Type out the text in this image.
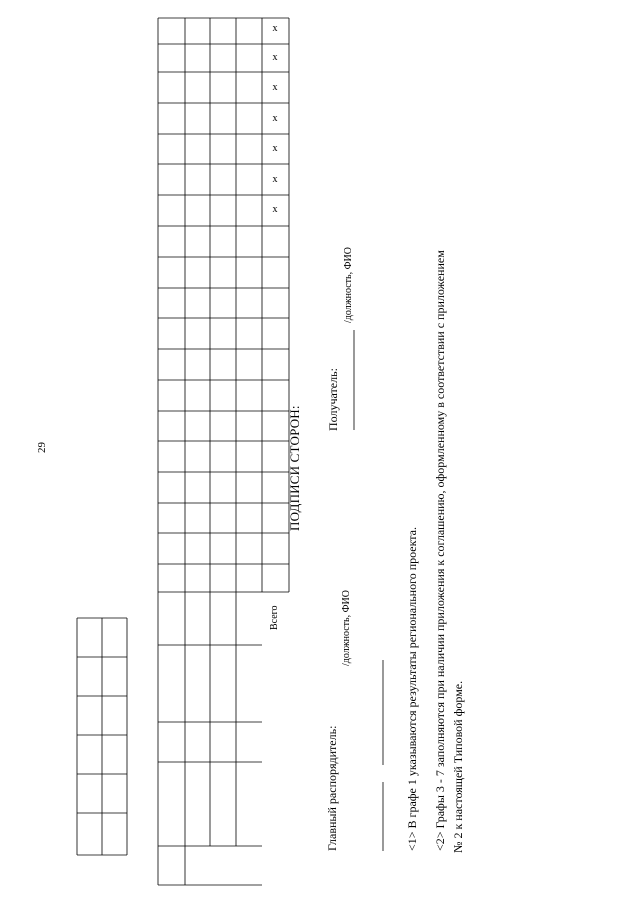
x
x
x
x
x
x
x
29
Всего
ПОДПИСИ СТОРОН:
Получатель:
/должность, ФИО
Главный распорядитель:
/должность, ФИО	<1> В графе 1 указываются результаты регионального проекта. <2> Графы 3 - 7 заполняются при наличии приложения к соглашению, оформленному в соответствии с приложением № 2 к настоящей Типовой форме.
